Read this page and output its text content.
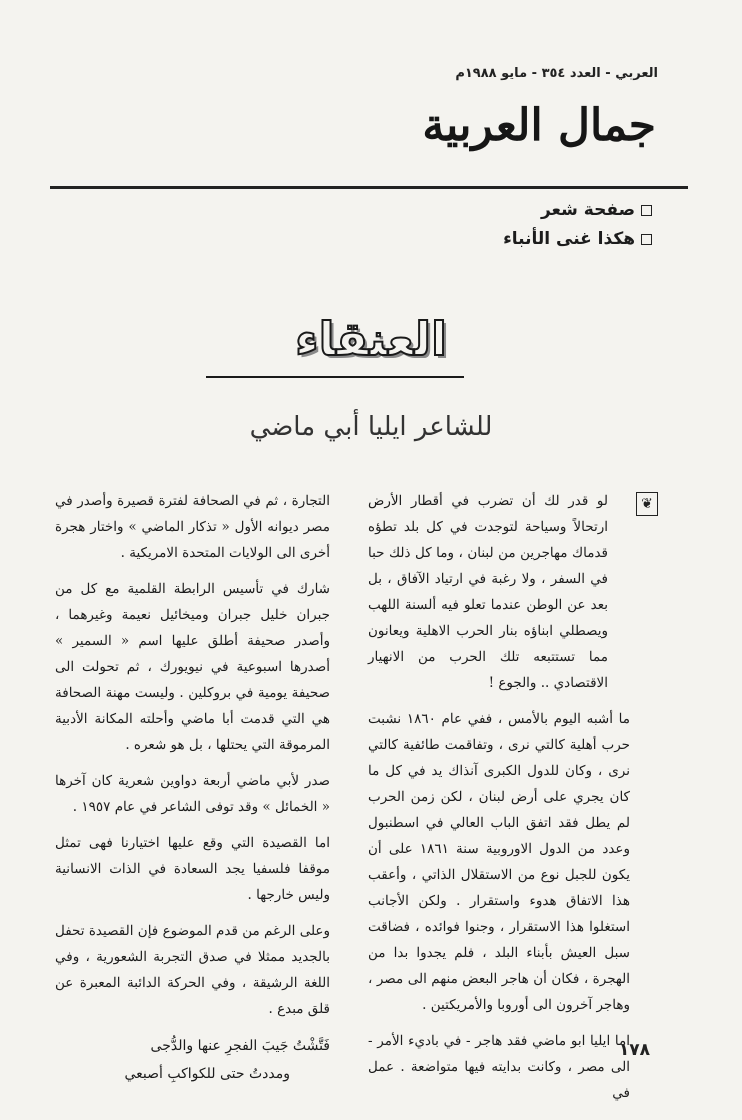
العربي - العدد ٣٥٤ - مايو ١٩٨٨م
جمال العربية
صفحة شعر
هكذا غنى الأنباء
العنقاء
للشاعر ايليا أبي ماضي
❦

لو قدر لك أن تضرب في أقطار الأرض ارتحالاً وسياحة لتوجدت في كل بلد تطؤه قدماك مهاجرين من لبنان ، وما كل ذلك حبا في السفر ، ولا رغبة في ارتياد الآفاق ، بل بعد عن الوطن عندما تعلو فيه ألسنة اللهب ويصطلي ابناؤه بنار الحرب الاهلية ويعانون مما تستتبعه تلك الحرب من الانهيار الاقتصادي .. والجوع !

ما أشبه اليوم بالأمس ، ففي عام ١٨٦٠ نشبت حرب أهلية كالتي نرى ، وتفاقمت طائفية كالتي نرى ، وكان للدول الكبرى آنذاك يد في كل ما كان يجري على أرض لبنان ، لكن زمن الحرب لم يطل فقد اتفق الباب العالي في اسطنبول وعدد من الدول الاوروبية سنة ١٨٦١ على أن يكون للجبل نوع من الاستقلال الذاتي ، وأعقب هذا الاتفاق هدوء واستقرار . ولكن الأجانب استغلوا هذا الاستقرار ، وجنوا فوائده ، فضاقت سبل العيش بأبناء البلد ، فلم يجدوا بدا من الهجرة ، فكان أن هاجر البعض منهم الى مصر ، وهاجر آخرون الى أوروبا والأمريكتين .

اما ايليا ابو ماضي فقد هاجر - في باديء الأمر - الى مصر ، وكانت بدايته فيها متواضعة . عمل في

التجارة ، ثم في الصحافة لفترة قصيرة وأصدر في مصر ديوانه الأول « تذكار الماضي » واختار هجرة أخرى الى الولايات المتحدة الامريكية .

شارك في تأسيس الرابطة القلمية مع كل من جبران خليل جبران وميخائيل نعيمة وغيرهما ، وأصدر صحيفة أطلق عليها اسم « السمير » أصدرها اسبوعية في نيويورك ، ثم تحولت الى صحيفة يومية في بروكلين . وليست مهنة الصحافة هي التي قدمت أبا ماضي وأحلته المكانة الأدبية المرموقة التي يحتلها ، بل هو شعره .

صدر لأبي ماضي أربعة دواوين شعرية كان آخرها « الخمائل » وقد توفى الشاعر في عام ١٩٥٧ .

اما القصيدة التي وقع عليها اختيارنا فهى تمثل موقفا فلسفيا يجد السعادة في الذات الانسانية وليس خارجها .

وعلى الرغم من قدم الموضوع فإن القصيدة تحفل بالجديد ممثلا في صدق التجربة الشعورية ، وفي اللغة الرشيقة ، وفي الحركة الدائبة المعبرة عن قلق مبدع .

فَتَّشْتُ جَيبَ الفجرِ عنها والدُّجى
ومددتُ حتى للكواكبِ أصبعي
١٧٨
